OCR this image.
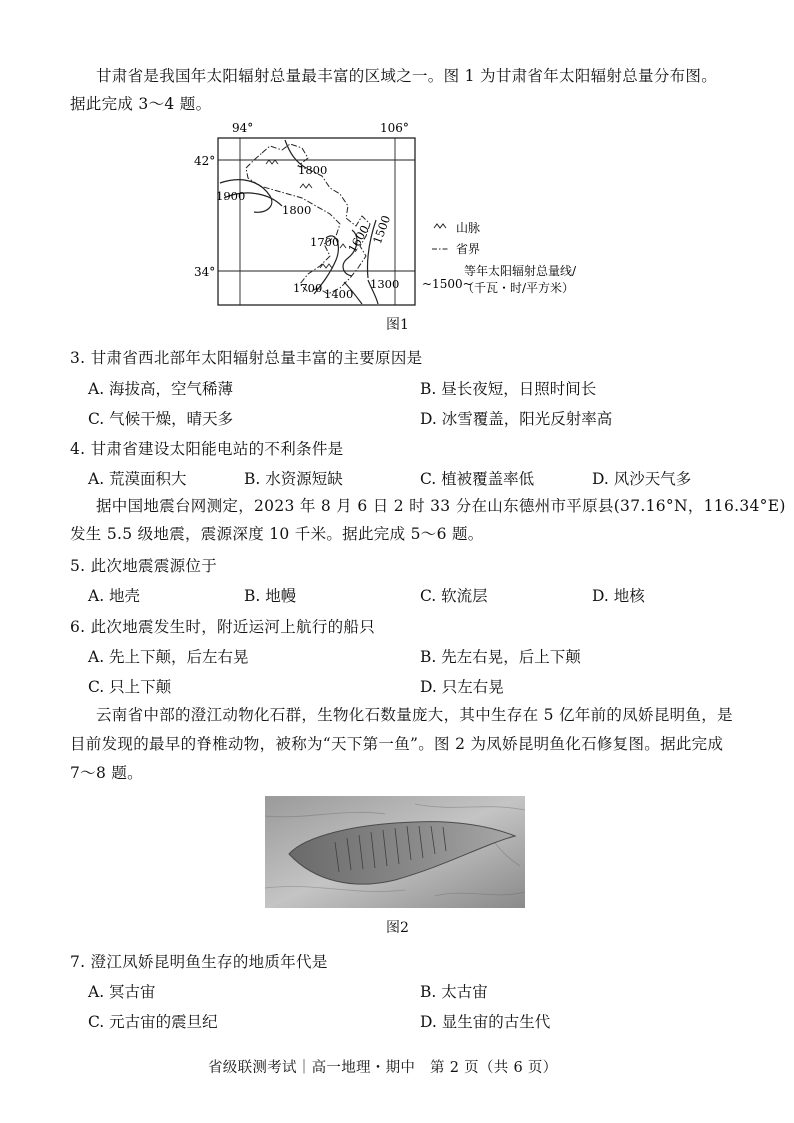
甘肃省是我国年太阳辐射总量最丰富的区域之一。图 1 为甘肃省年太阳辐射总量分布图。
据此完成 3～4 题。
94°	106°
42°
34°
1800
1900
1800
1700 1600
1500
1700 1400
1300
山脉
省界
~1500~
等年太阳辐射总量线/
（千瓦・时/平方米）
图1
3. 甘肃省西北部年太阳辐射总量丰富的主要原因是
A. 海拔高，空气稀薄	B. 昼长夜短，日照时间长
C. 气候干燥，晴天多	D. 冰雪覆盖，阳光反射率高
4. 甘肃省建设太阳能电站的不利条件是
A. 荒漠面积大	B. 水资源短缺	C. 植被覆盖率低	D. 风沙天气多
据中国地震台网测定，2023 年 8 月 6 日 2 时 33 分在山东德州市平原县(37.16°N，116.34°E)
发生 5.5 级地震，震源深度 10 千米。据此完成 5～6 题。
5. 此次地震震源位于
A. 地壳	B. 地幔	C. 软流层	D. 地核
6. 此次地震发生时，附近运河上航行的船只
A. 先上下颠，后左右晃	B. 先左右晃，后上下颠
C. 只上下颠	D. 只左右晃
云南省中部的澄江动物化石群，生物化石数量庞大，其中生存在 5 亿年前的凤娇昆明鱼，是
目前发现的最早的脊椎动物，被称为“天下第一鱼”。图 2 为凤娇昆明鱼化石修复图。据此完成
7～8 题。
图2
7. 澄江凤娇昆明鱼生存的地质年代是
A. 冥古宙	B. 太古宙
C. 元古宙的震旦纪	D. 显生宙的古生代
省级联测考试｜高一地理・期中　第 2 页（共 6 页）
